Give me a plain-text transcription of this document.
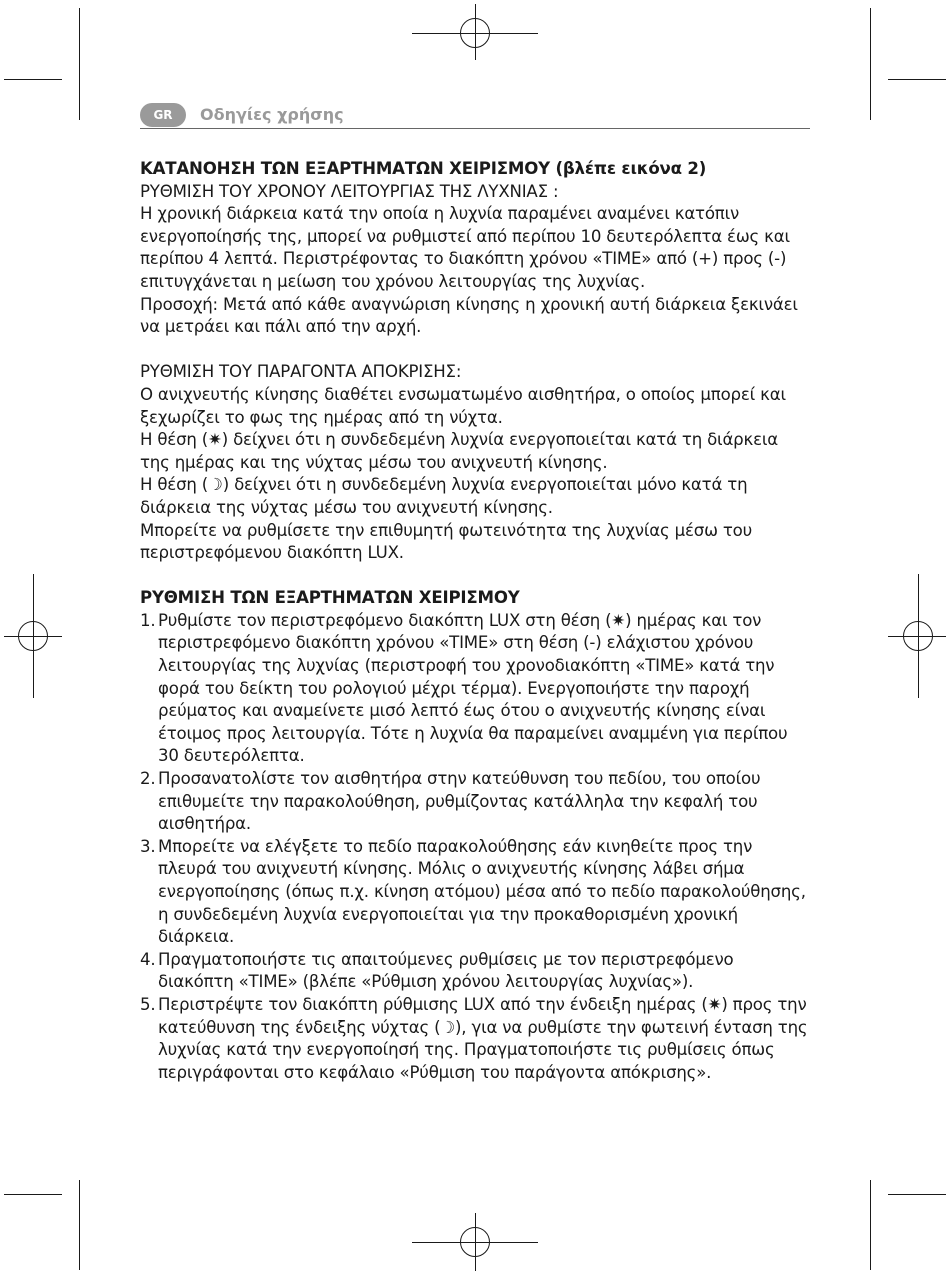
GR	Οδηγίες χρήσης

ΚΑΤΑΝΟΗΣΗ ΤΩΝ ΕΞΑΡΤΗΜΑΤΩΝ ΧΕΙΡΙΣΜΟΥ (βλέπε εικόνα 2)

ΡΥΘΜΙΣΗ ΤΟΥ ΧΡΟΝΟΥ ΛΕΙΤΟΥΡΓΙΑΣ ΤΗΣ ΛΥΧΝΙΑΣ :

Η χρονική διάρκεια κατά την οποία η λυχνία παραμένει αναμένει κατόπιν ενεργοποίησής της, μπορεί να ρυθμιστεί από περίπου 10 δευτερόλεπτα έως και περίπου 4 λεπτά. Περιστρέφοντας το διακόπτη χρόνου «TIME» από (+) προς (-) επιτυγχάνεται η μείωση του χρόνου λειτουργίας της λυχνίας.

Προσοχή: Μετά από κάθε αναγνώριση κίνησης η χρονική αυτή διάρκεια ξεκινάει να μετράει και πάλι από την αρχή.

ΡΥΘΜΙΣΗ ΤΟΥ ΠΑΡΑΓΟΝΤΑ ΑΠΟΚΡΙΣΗΣ:

Ο ανιχνευτής κίνησης διαθέτει ενσωματωμένο αισθητήρα, ο οποίος μπορεί και ξεχωρίζει το φως της ημέρας από τη νύχτα.

Η θέση (✷) δείχνει ότι η συνδεδεμένη λυχνία ενεργοποιείται κατά τη διάρκεια της ημέρας και της νύχτας μέσω του ανιχνευτή κίνησης.

Η θέση (☽) δείχνει ότι η συνδεδεμένη λυχνία ενεργοποιείται μόνο κατά τη διάρκεια της νύχτας μέσω του ανιχνευτή κίνησης.

Μπορείτε να ρυθμίσετε την επιθυμητή φωτεινότητα της λυχνίας μέσω του περιστρεφόμενου διακόπτη LUX.

ΡΥΘΜΙΣΗ ΤΩΝ ΕΞΑΡΤΗΜΑΤΩΝ ΧΕΙΡΙΣΜΟΥ

1. Ρυθμίστε τον περιστρεφόμενο διακόπτη LUX στη θέση (✷) ημέρας και τον περιστρεφόμενο διακόπτη χρόνου «TIME» στη θέση (-) ελάχιστου χρόνου λειτουργίας της λυχνίας (περιστροφή του χρονοδιακόπτη «TIME» κατά την φορά του δείκτη του ρολογιού μέχρι τέρμα). Ενεργοποιήστε την παροχή ρεύματος και αναμείνετε μισό λεπτό έως ότου ο ανιχνευτής κίνησης είναι έτοιμος προς λειτουργία. Τότε η λυχνία θα παραμείνει αναμμένη για περίπου 30 δευτερόλεπτα.
2. Προσανατολίστε τον αισθητήρα στην κατεύθυνση του πεδίου, του οποίου επιθυμείτε την παρακολούθηση, ρυθμίζοντας κατάλληλα την κεφαλή του αισθητήρα.
3. Μπορείτε να ελέγξετε το πεδίο παρακολούθησης εάν κινηθείτε προς την πλευρά του ανιχνευτή κίνησης. Μόλις ο ανιχνευτής κίνησης λάβει σήμα ενεργοποίησης (όπως π.χ. κίνηση ατόμου) μέσα από το πεδίο παρακολούθησης, η συνδεδεμένη λυχνία ενεργοποιείται για την προκαθορισμένη χρονική διάρκεια.
4. Πραγματοποιήστε τις απαιτούμενες ρυθμίσεις με τον περιστρεφόμενο διακόπτη «TIME» (βλέπε «Ρύθμιση χρόνου λειτουργίας λυχνίας»).
5. Περιστρέψτε τον διακόπτη ρύθμισης LUX από την ένδειξη ημέρας (✷) προς την κατεύθυνση της ένδειξης νύχτας (☽), για να ρυθμίστε την φωτεινή ένταση της λυχνίας κατά την ενεργοποίησή της. Πραγματοποιήστε τις ρυθμίσεις όπως περιγράφονται στο κεφάλαιο «Ρύθμιση του παράγοντα απόκρισης».
